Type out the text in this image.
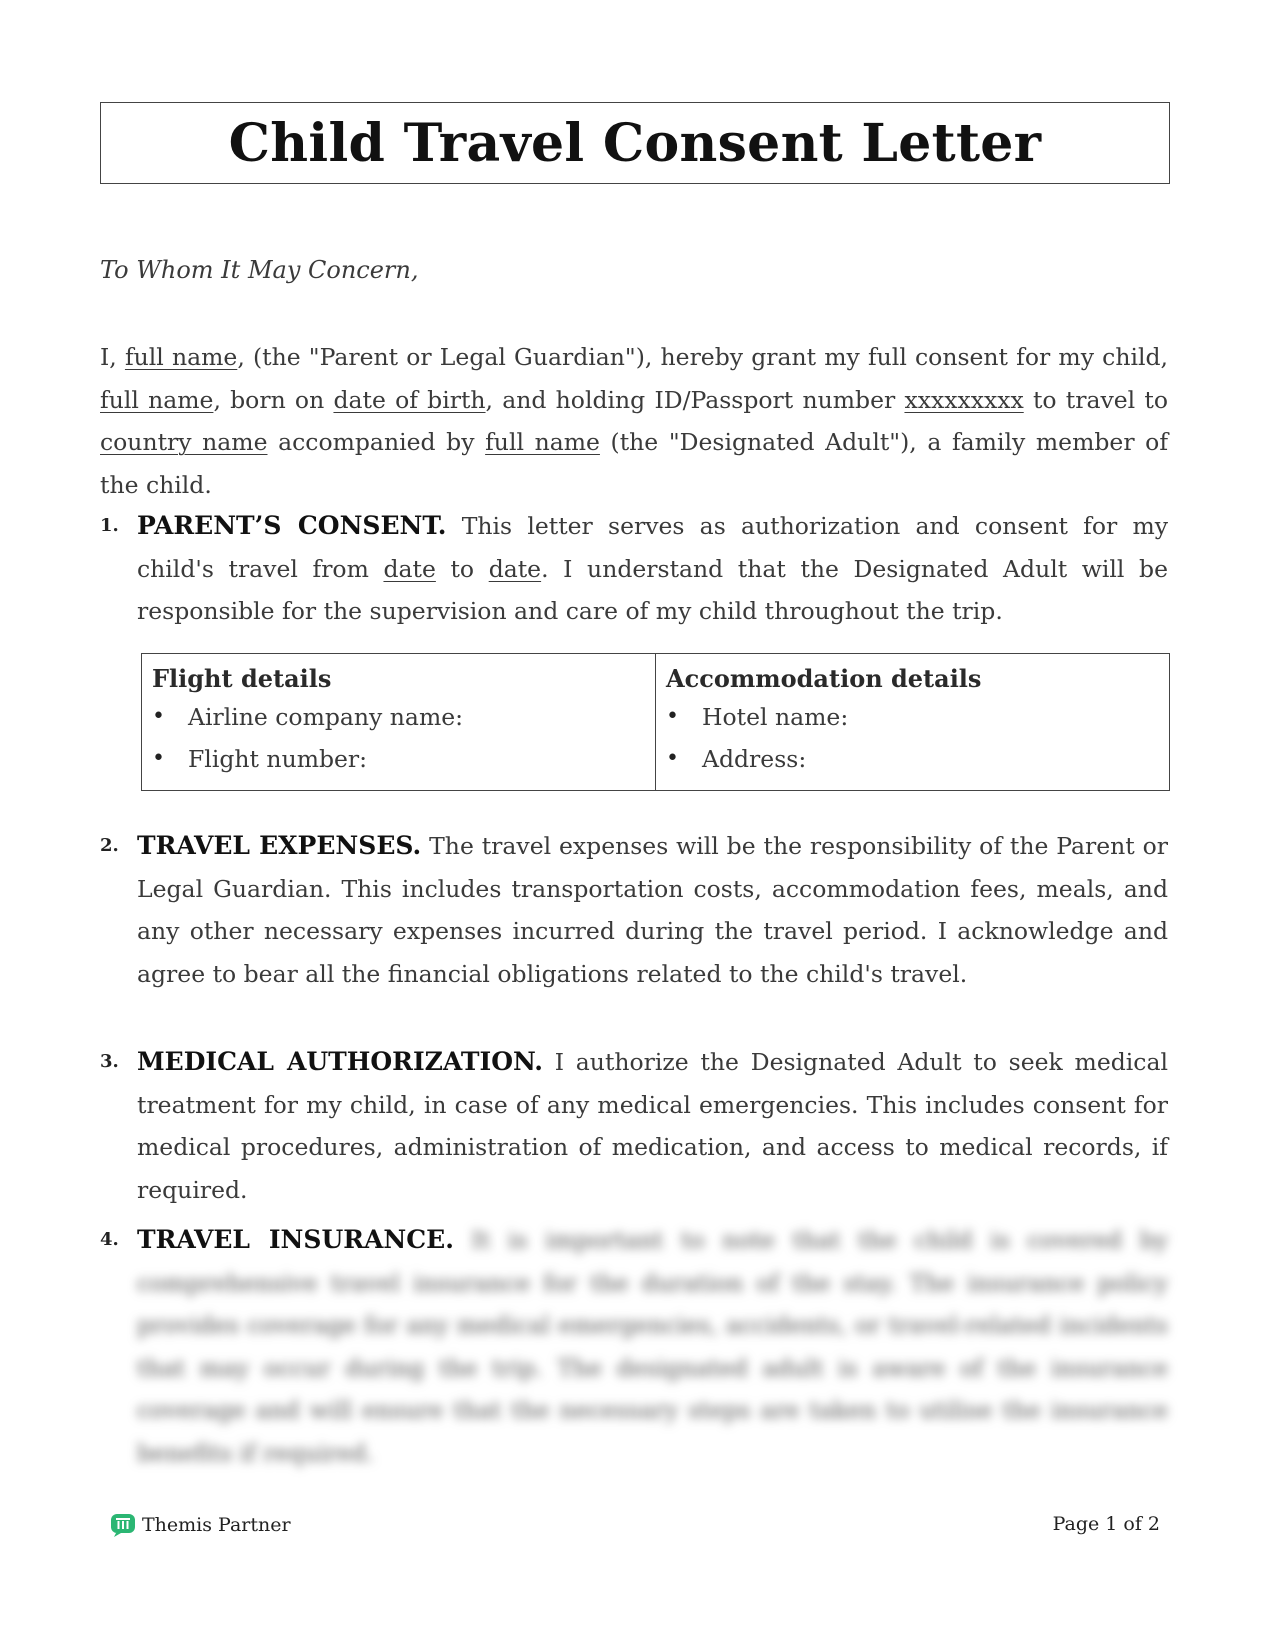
Child Travel Consent Letter
To Whom It May Concern,

I, full name, (the "Parent or Legal Guardian"), hereby grant my full consent for my child, full name, born on date of birth, and holding ID/Passport number xxxxxxxxx to travel to country name accompanied by full name (the "Designated Adult"), a family member of the child.

1. PARENT’S CONSENT. This letter serves as authorization and consent for my child's travel from date to date. I understand that the Designated Adult will be responsible for the supervision and care of my child throughout the trip.
Flight details
• Airline company name:
• Flight number:

Accommodation details
• Hotel name:
• Address:
2. TRAVEL EXPENSES. The travel expenses will be the responsibility of the Parent or Legal Guardian. This includes transportation costs, accommodation fees, meals, and any other necessary expenses incurred during the travel period. I acknowledge and agree to bear all the financial obligations related to the child's travel.
3. MEDICAL AUTHORIZATION. I authorize the Designated Adult to seek medical treatment for my child, in case of any medical emergencies. This includes consent for medical procedures, administration of medication, and access to medical records, if required.
4. TRAVEL INSURANCE. It is important to note that the child is covered by comprehensive travel insurance for the duration of the stay. The insurance policy provides coverage for any medical emergencies, accidents, or travel-related incidents that may occur during the trip. The designated adult is aware of the insurance coverage and will ensure that the necessary steps are taken to utilise the insurance benefits if required.
Themis Partner	Page 1 of 2
